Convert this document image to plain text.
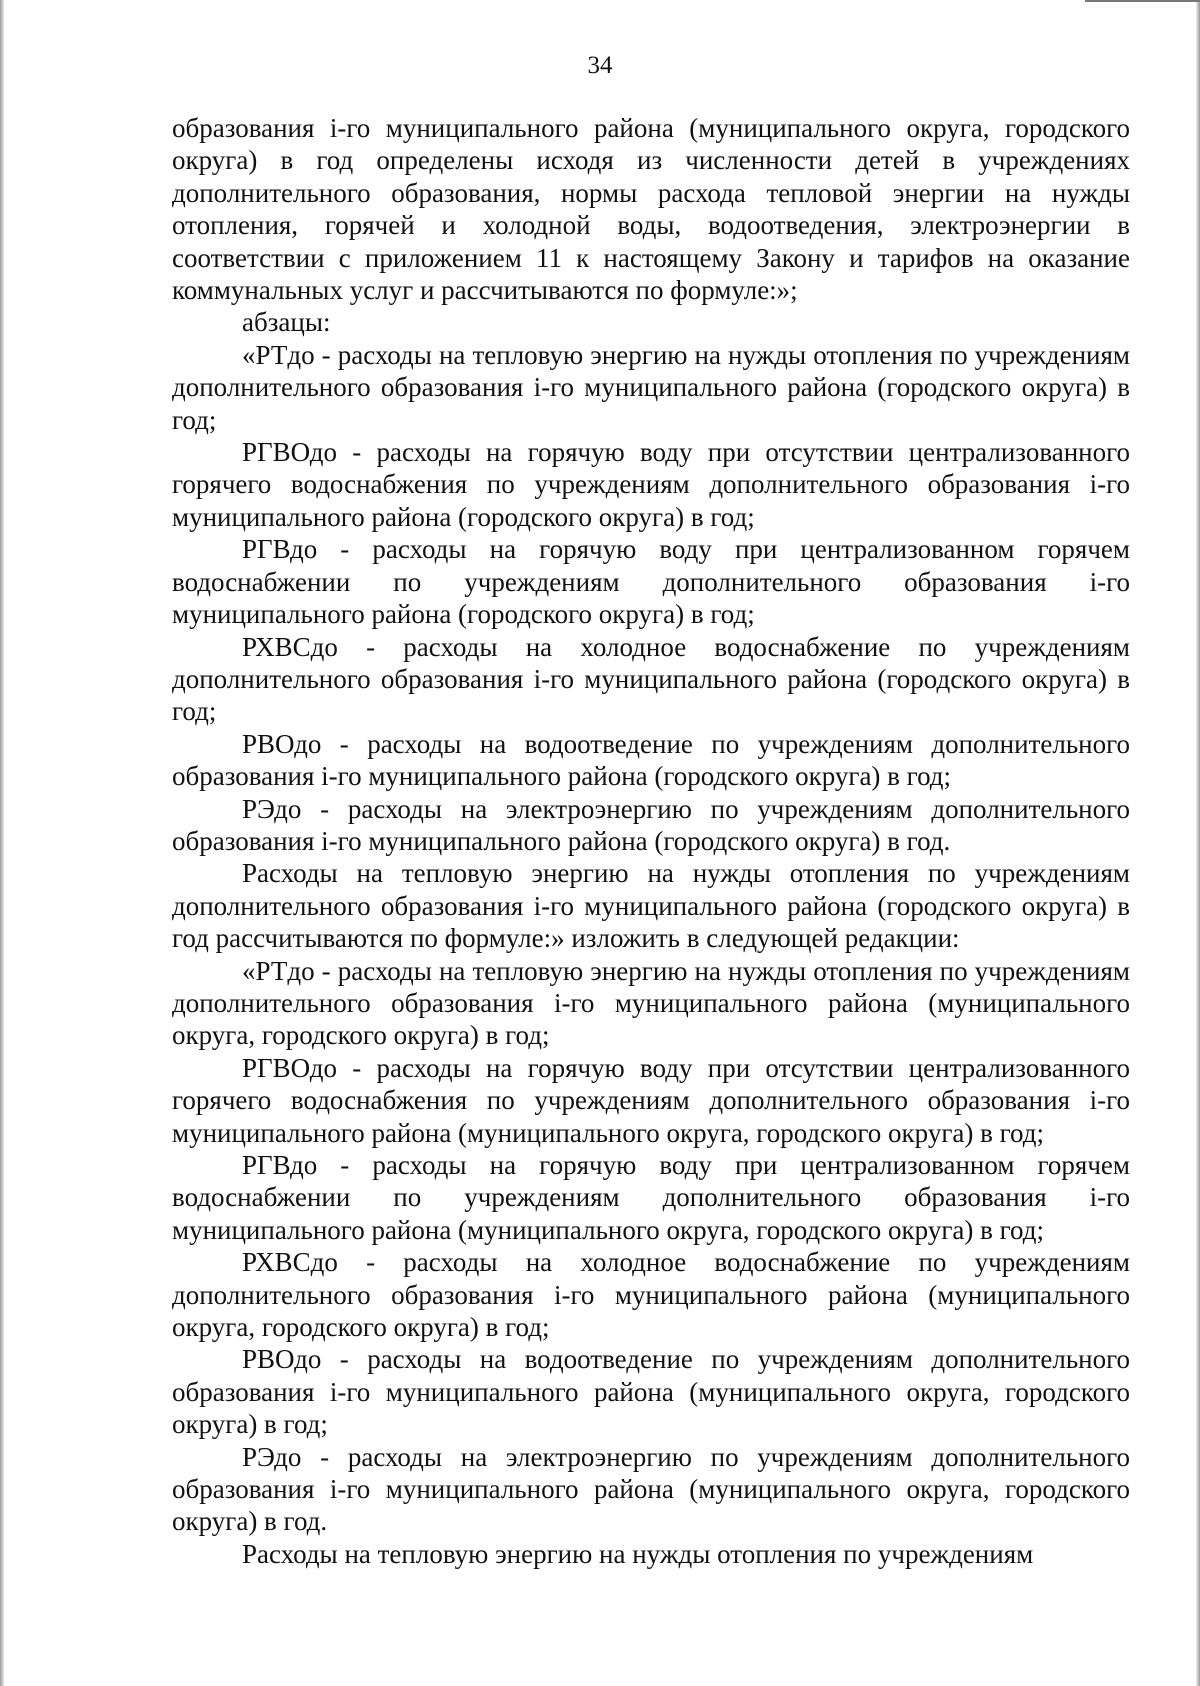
34

образования i-го муниципального района (муниципального округа, городского округа) в год определены исходя из численности детей в учреждениях дополнительного образования, нормы расхода тепловой энергии на нужды отопления, горячей и холодной воды, водоотведения, электроэнергии в соответствии с приложением 11 к настоящему Закону и тарифов на оказание коммунальных услуг и рассчитываются по формуле:»;

абзацы:

«РТдо - расходы на тепловую энергию на нужды отопления по учреждениям дополнительного образования i-го муниципального района (городского округа) в год;

РГВОдо - расходы на горячую воду при отсутствии централизованного горячего водоснабжения по учреждениям дополнительного образования i-го муниципального района (городского округа) в год;

РГВдо - расходы на горячую воду при централизованном горячем водоснабжении по учреждениям дополнительного образования i-го муниципального района (городского округа) в год;

РХВСдо - расходы на холодное водоснабжение по учреждениям дополнительного образования i-го муниципального района (городского округа) в год;

РВОдо - расходы на водоотведение по учреждениям дополнительного образования i-го муниципального района (городского округа) в год;

РЭдо - расходы на электроэнергию по учреждениям дополнительного образования i-го муниципального района (городского округа) в год.

Расходы на тепловую энергию на нужды отопления по учреждениям дополнительного образования i-го муниципального района (городского округа) в год рассчитываются по формуле:» изложить в следующей редакции:

«РТдо - расходы на тепловую энергию на нужды отопления по учреждениям дополнительного образования i-го муниципального района (муниципального округа, городского округа) в год;

РГВОдо - расходы на горячую воду при отсутствии централизованного горячего водоснабжения по учреждениям дополнительного образования i-го муниципального района (муниципального округа, городского округа) в год;

РГВдо - расходы на горячую воду при централизованном горячем водоснабжении по учреждениям дополнительного образования i-го муниципального района (муниципального округа, городского округа) в год;

РХВСдо - расходы на холодное водоснабжение по учреждениям дополнительного образования i-го муниципального района (муниципального округа, городского округа) в год;

РВОдо - расходы на водоотведение по учреждениям дополнительного образования i-го муниципального района (муниципального округа, городского округа) в год;

РЭдо - расходы на электроэнергию по учреждениям дополнительного образования i-го муниципального района (муниципального округа, городского округа) в год.

Расходы на тепловую энергию на нужды отопления по учреждениям
